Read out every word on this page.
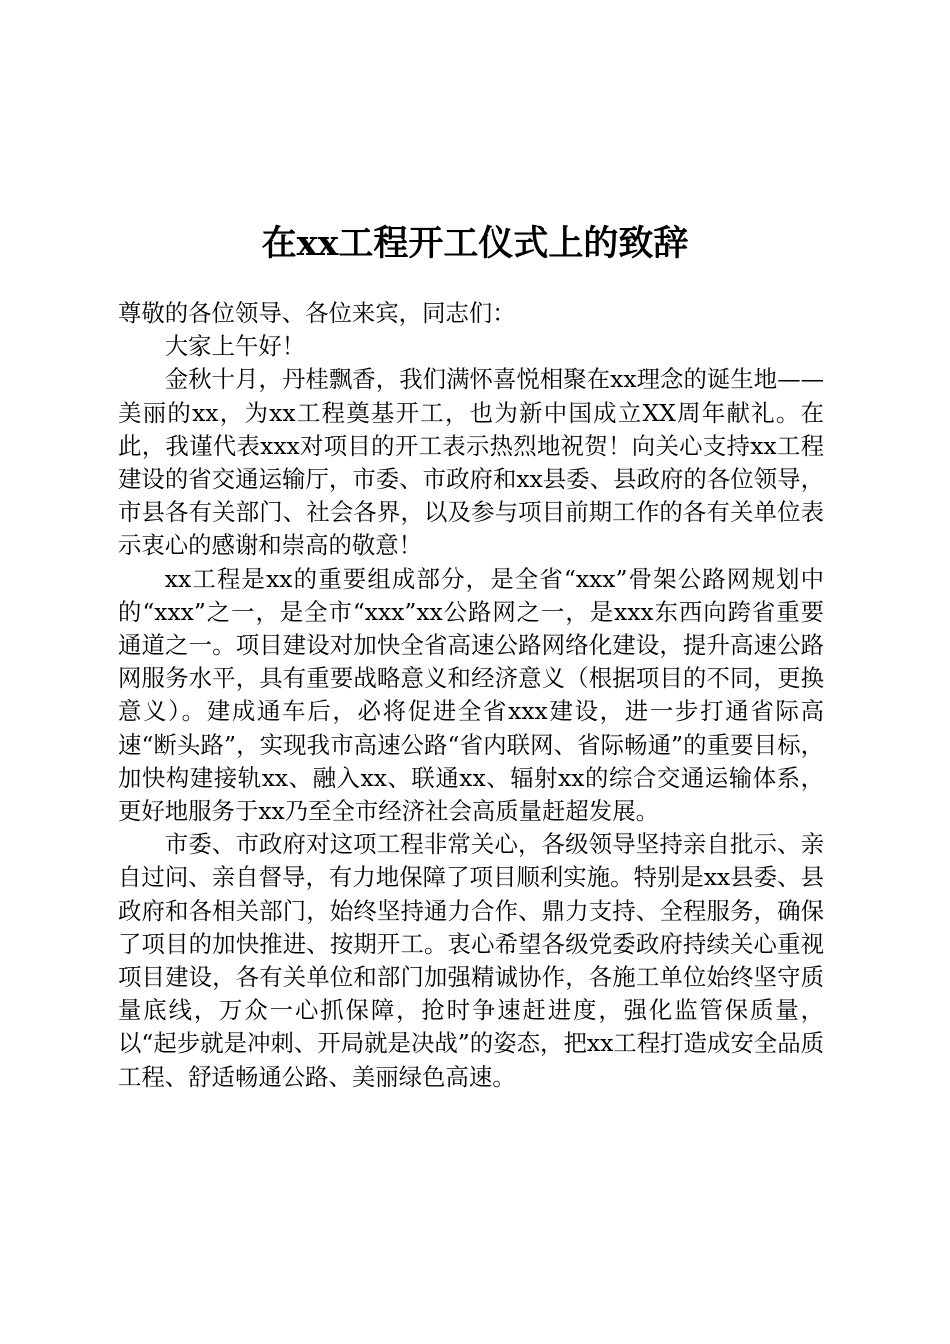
在xx工程开工仪式上的致辞

尊敬的各位领导、各位来宾，同志们：

大家上午好！

金秋十月，丹桂飘香，我们满怀喜悦相聚在xx理念的诞生地——美丽的xx，为xx工程奠基开工，也为新中国成立XX周年献礼。在此，我谨代表xxx对项目的开工表示热烈地祝贺！向关心支持xx工程建设的省交通运输厅，市委、市政府和xx县委、县政府的各位领导，市县各有关部门、社会各界，以及参与项目前期工作的各有关单位表示衷心的感谢和崇高的敬意！

xx工程是xx的重要组成部分，是全省“xxx”骨架公路网规划中的“xxx”之一，是全市“xxx”xx公路网之一，是xxx东西向跨省重要通道之一。项目建设对加快全省高速公路网络化建设，提升高速公路网服务水平，具有重要战略意义和经济意义（根据项目的不同，更换意义）。建成通车后，必将促进全省xxx建设，进一步打通省际高速“断头路”，实现我市高速公路“省内联网、省际畅通”的重要目标，加快构建接轨xx、融入xx、联通xx、辐射xx的综合交通运输体系，更好地服务于xx乃至全市经济社会高质量赶超发展。

市委、市政府对这项工程非常关心，各级领导坚持亲自批示、亲自过问、亲自督导，有力地保障了项目顺利实施。特别是xx县委、县政府和各相关部门，始终坚持通力合作、鼎力支持、全程服务，确保了项目的加快推进、按期开工。衷心希望各级党委政府持续关心重视项目建设，各有关单位和部门加强精诚协作，各施工单位始终坚守质量底线，万众一心抓保障，抢时争速赶进度，强化监管保质量，以“起步就是冲刺、开局就是决战”的姿态，把xx工程打造成安全品质工程、舒适畅通公路、美丽绿色高速。
